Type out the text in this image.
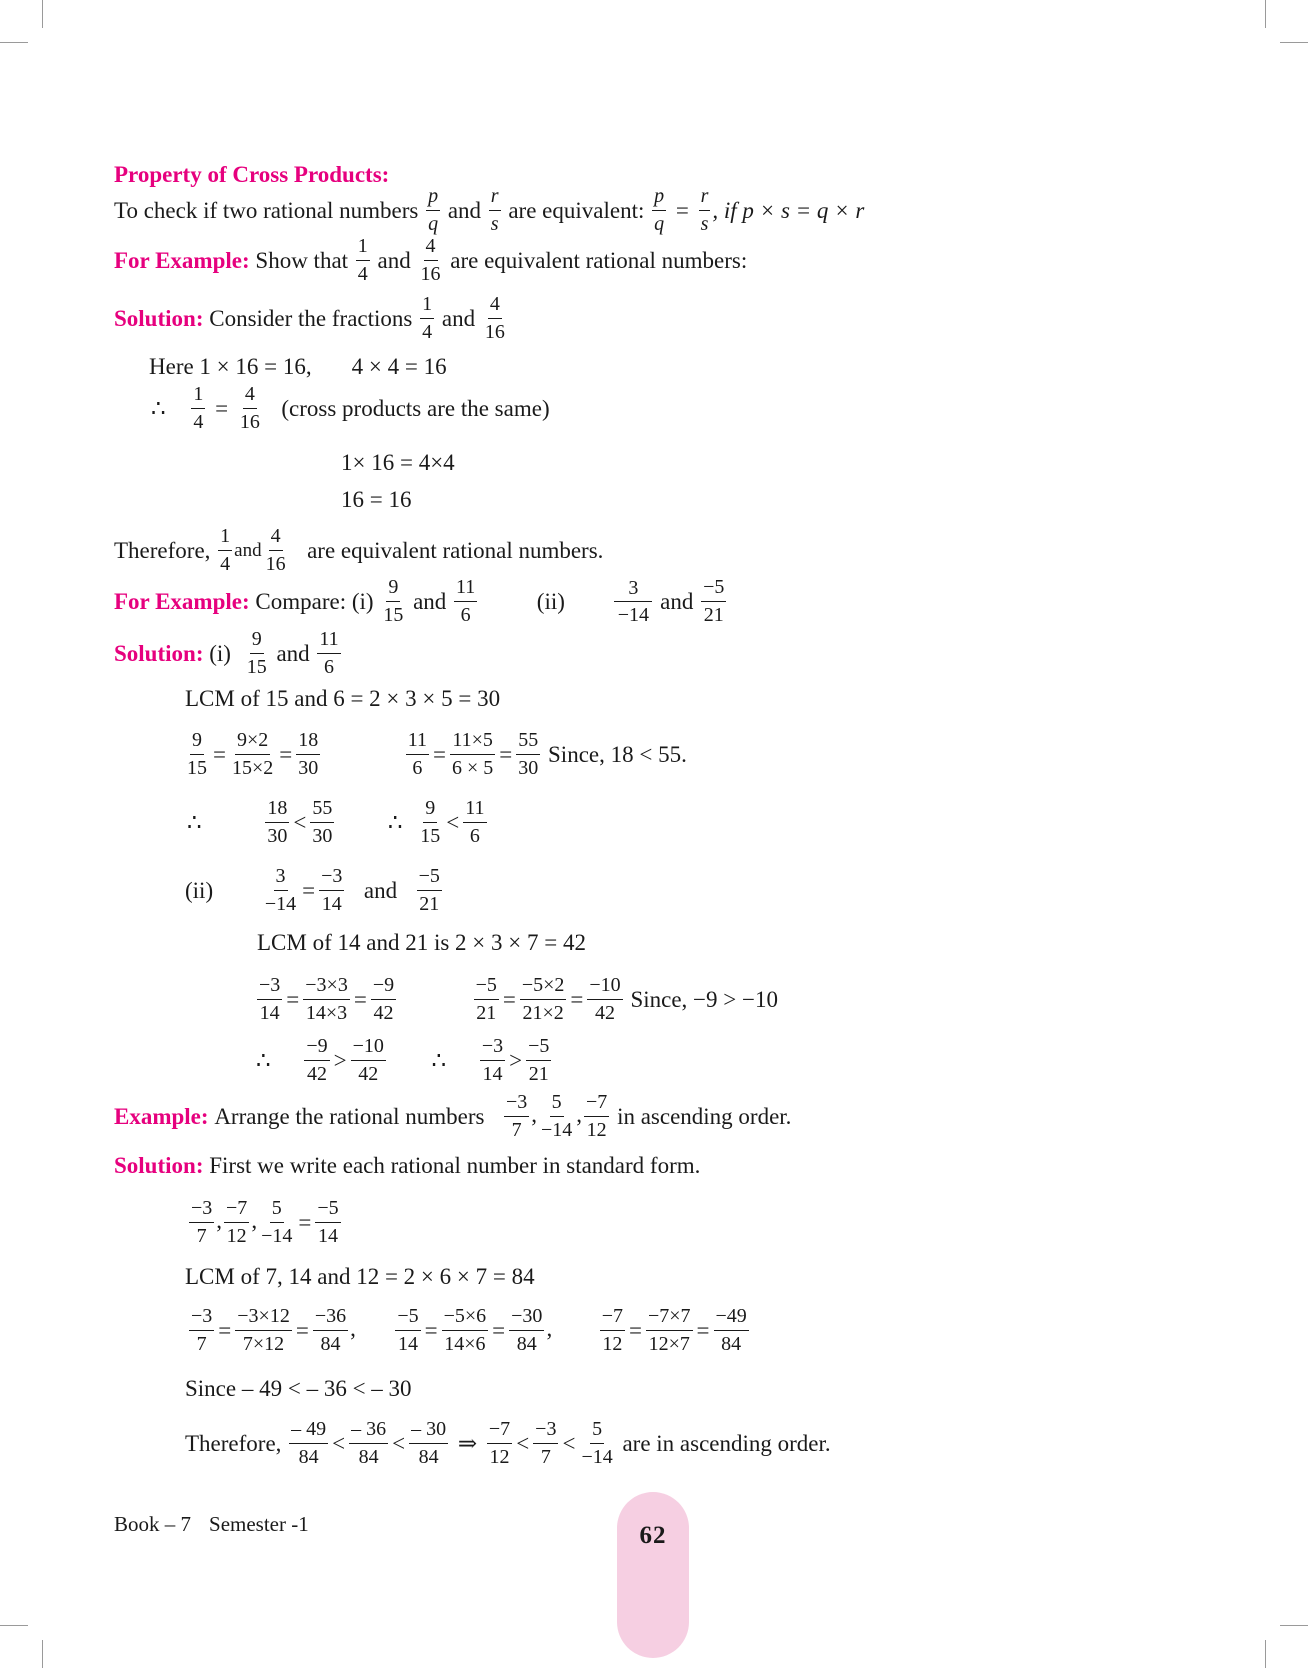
Property of Cross Products:
To check if two rational numbers $\frac{p}{q}$ and $\frac{r}{s}$ are equivalent: $\frac{p}{q} = \frac{r}{s}$ , if p × s = q × r
For Example: Show that $\frac{1}{4}$ and $\frac{4}{16}$ are equivalent rational numbers:
Solution: Consider the fractions $\frac{1}{4}$ and $\frac{4}{16}$
Here 1 × 16 = 16, 4 × 4 = 16
∴ $\frac{1}{4} = \frac{4}{16}$ (cross products are the same)
1× 16 = 4×4
16 = 16
Therefore, $\frac{1}{4}$ and $\frac{4}{16}$ are equivalent rational numbers.
For Example: Compare: $(i) \frac{9}{15}$ and $\frac{11}{6}$	$(ii) \frac{3}{-14}$ and $\frac{-5}{21}$
Solution: $(i) \frac{9}{15}$ and $\frac{11}{6}$
LCM of 15 and 6 = 2 × 3 × 5 = 30
$\frac{9}{15} = \frac{9\times 2}{15\times 2} = \frac{18}{30}$
	$\frac{11}{6} = \frac{11\times 5}{6 \times 5} = \frac{55}{30}$ Since, 18 < 55.
∴	$\frac{18}{30} < \frac{55}{30}$ ∴ $\frac{9}{15} < \frac{11}{6}$
$(ii) \frac{3}{-14} = \frac{-3}{14}$ and $\frac{-5}{21}$
LCM of 14 and 21 is 2 × 3 × 7 = 42
$\frac{-3}{14} = \frac{-3\times 3}{14\times 3} = \frac{-9}{42}$
	$\frac{-5}{21} = \frac{-5\times 2}{21\times 2} = \frac{-10}{42}$ Since, −9 > −10
∴ $\frac{-9}{42} > \frac{-10}{42}$ ∴ $\frac{-3}{14} > \frac{-5}{21}$
Example: Arrange the rational numbers $\frac{-3}{7}$ , $\frac{5}{-14}$ , $\frac{-7}{12}$ in ascending order.
Solution: First we write each rational number in standard form.
$\frac{-3}{7}$ , $\frac{-7}{12}$ , $\frac{5}{-14} = \frac{-5}{14}$
LCM of 7, 14 and 12 = 2 × 6 × 7 = 84
$\frac{-3}{7} = \frac{-3\times 12}{7\times 12} = \frac{-36}{84}$ , $\frac{-5}{14} = \frac{-5\times 6}{14\times 6} = \frac{-30}{84}$ , $\frac{-7}{12} = \frac{-7\times 7}{12\times 7} = \frac{-49}{84}$
Since – 49 < – 36 < – 30
Therefore, $\frac{- 49}{84} < \frac{- 36}{84} < \frac{- 30}{84}$ ⇒ $\frac{-7}{12} < \frac{-3}{7} < \frac{5}{-14}$ are in ascending order.
Book – 7 Semester -1	62
